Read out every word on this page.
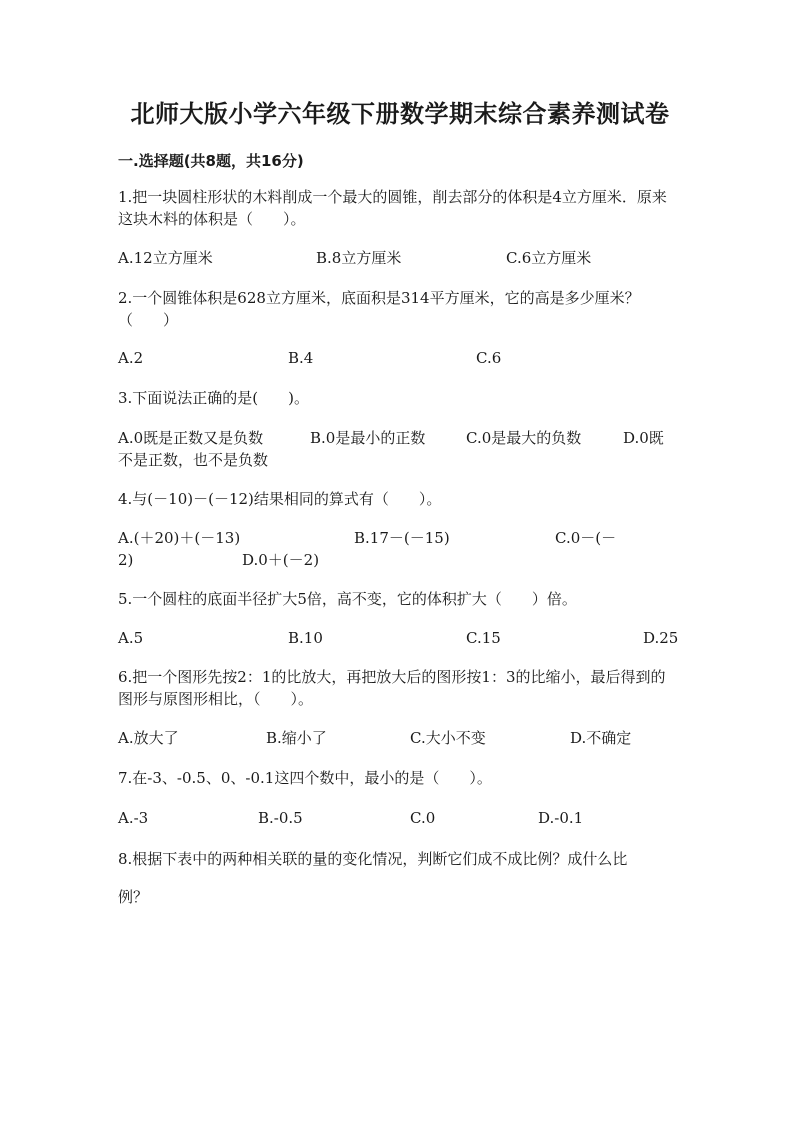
北师大版小学六年级下册数学期末综合素养测试卷
一.选择题(共8题，共16分)
1.把一块圆柱形状的木料削成一个最大的圆锥，削去部分的体积是4立方厘米．原来这块木料的体积是（　　）。
A.12立方厘米	B.8立方厘米	C.6立方厘米
2.一个圆锥体积是628立方厘米，底面积是314平方厘米，它的高是多少厘米？（　　）
A.2	B.4	C.6
3.下面说法正确的是(　　)。
A.0既是正数又是负数	B.0是最小的正数	C.0是最大的负数	D.0既
不是正数，也不是负数
4.与(－10)－(－12)结果相同的算式有（　　）。
A.(＋20)＋(－13)	B.17－(－15)	C.0－(－
2)	D.0＋(－2)
5.一个圆柱的底面半径扩大5倍，高不变，它的体积扩大（　　）倍。
A.5	B.10	C.15	D.25
6.把一个图形先按2：1的比放大，再把放大后的图形按1：3的比缩小，最后得到的图形与原图形相比，（　　）。
A.放大了	B.缩小了	C.大小不变	D.不确定
7.在-3、-0.5、0、-0.1这四个数中，最小的是（　　）。
A.-3	B.-0.5	C.0	D.-0.1
8.根据下表中的两种相关联的量的变化情况，判断它们成不成比例？成什么比
例？
